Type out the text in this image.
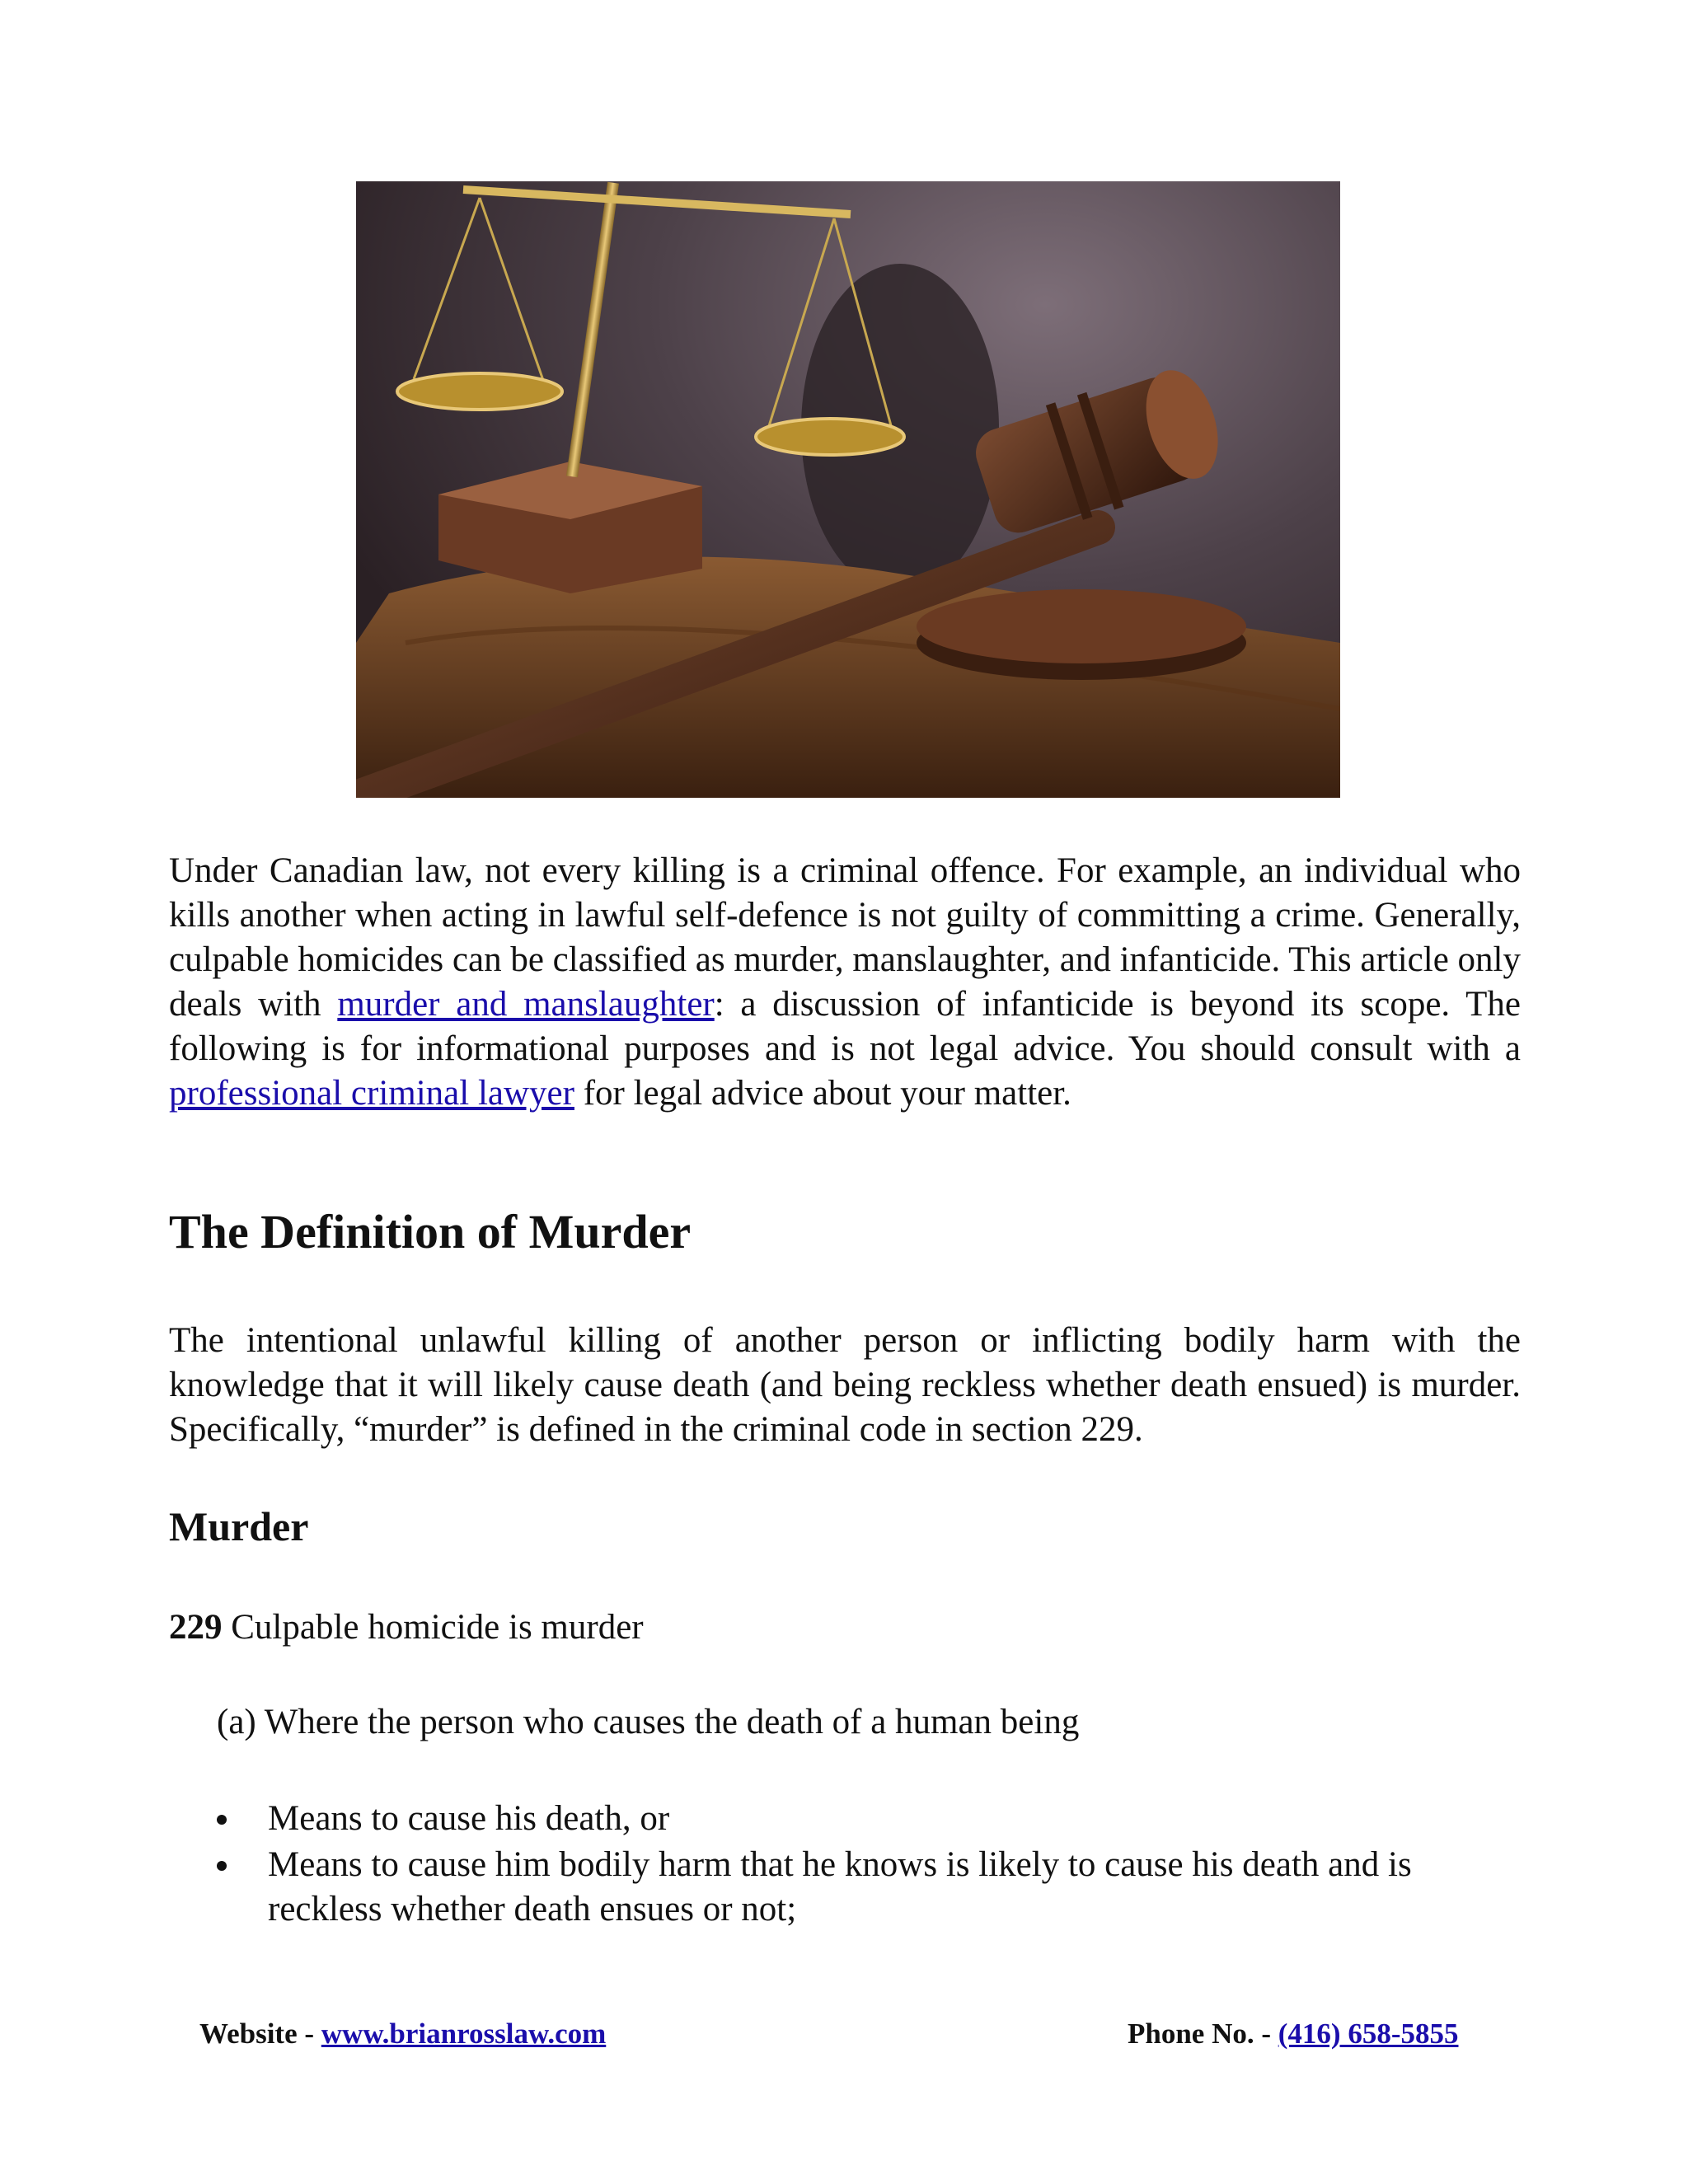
Under Canadian law, not every killing is a criminal offence. For example, an individual who kills another when acting in lawful self-defence is not guilty of committing a crime. Generally, culpable homicides can be classified as murder, manslaughter, and infanticide. This article only deals with murder and manslaughter: a discussion of infanticide is beyond its scope. The following is for informational purposes and is not legal advice. You should consult with a professional criminal lawyer for legal advice about your matter.

The Definition of Murder

The intentional unlawful killing of another person or inflicting bodily harm with the knowledge that it will likely cause death (and being reckless whether death ensued) is murder. Specifically, “murder” is defined in the criminal code in section 229.

Murder
229 Culpable homicide is murder
(a) Where the person who causes the death of a human being
Means to cause his death, or
Means to cause him bodily harm that he knows is likely to cause his death and is reckless whether death ensues or not;
Website - www.brianrosslaw.com	Phone No. - (416) 658-5855
